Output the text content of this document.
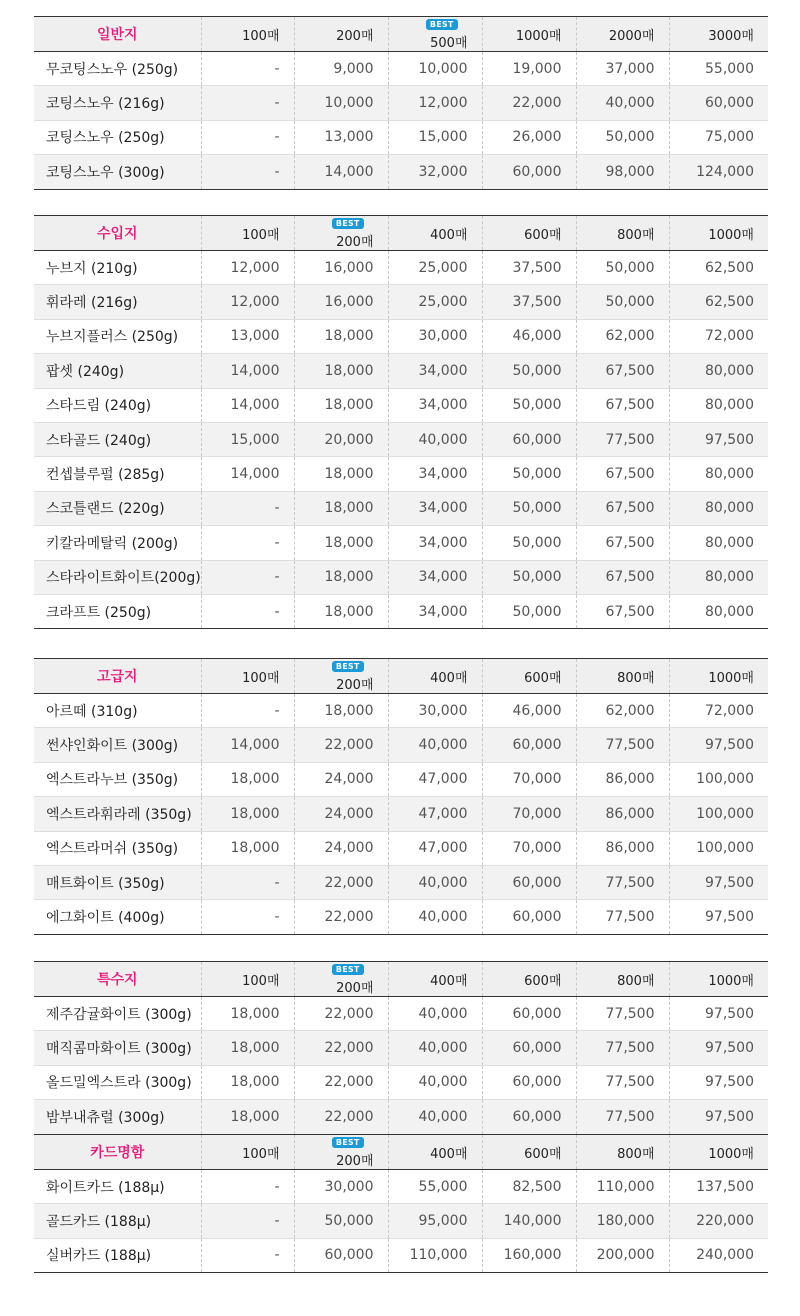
일반지	100매	200매	BEST500매	1000매	2000매	3000매
무코팅스노우 (250g)	-	9,000	10,000	19,000	37,000	55,000
코팅스노우 (216g)	-	10,000	12,000	22,000	40,000	60,000
코팅스노우 (250g)	-	13,000	15,000	26,000	50,000	75,000
코팅스노우 (300g)	-	14,000	32,000	60,000	98,000	124,000
수입지	100매	BEST200매	400매	600매	800매	1000매
누브지 (210g)	12,000	16,000	25,000	37,500	50,000	62,500
휘라레 (216g)	12,000	16,000	25,000	37,500	50,000	62,500
누브지플러스 (250g)	13,000	18,000	30,000	46,000	62,000	72,000
팝셋 (240g)	14,000	18,000	34,000	50,000	67,500	80,000
스타드림 (240g)	14,000	18,000	34,000	50,000	67,500	80,000
스타골드 (240g)	15,000	20,000	40,000	60,000	77,500	97,500
컨셉블루펄 (285g)	14,000	18,000	34,000	50,000	67,500	80,000
스코틀랜드 (220g)	-	18,000	34,000	50,000	67,500	80,000
키칼라메탈릭 (200g)	-	18,000	34,000	50,000	67,500	80,000
스타라이트화이트(200g)	-	18,000	34,000	50,000	67,500	80,000
크라프트 (250g)	-	18,000	34,000	50,000	67,500	80,000
고급지	100매	BEST200매	400매	600매	800매	1000매
아르떼 (310g)	-	18,000	30,000	46,000	62,000	72,000
썬샤인화이트 (300g)	14,000	22,000	40,000	60,000	77,500	97,500
엑스트라누브 (350g)	18,000	24,000	47,000	70,000	86,000	100,000
엑스트라휘라레 (350g)	18,000	24,000	47,000	70,000	86,000	100,000
엑스트라머쉬 (350g)	18,000	24,000	47,000	70,000	86,000	100,000
매트화이트 (350g)	-	22,000	40,000	60,000	77,500	97,500
에그화이트 (400g)	-	22,000	40,000	60,000	77,500	97,500
특수지	100매	BEST200매	400매	600매	800매	1000매
제주감귤화이트 (300g)	18,000	22,000	40,000	60,000	77,500	97,500
매직콤마화이트 (300g)	18,000	22,000	40,000	60,000	77,500	97,500
올드밀엑스트라 (300g)	18,000	22,000	40,000	60,000	77,500	97,500
밤부내츄럴 (300g)	18,000	22,000	40,000	60,000	77,500	97,500
카드명함	100매	BEST200매	400매	600매	800매	1000매
화이트카드 (188μ)	-	30,000	55,000	82,500	110,000	137,500
골드카드 (188μ)	-	50,000	95,000	140,000	180,000	220,000
실버카드 (188μ)	-	60,000	110,000	160,000	200,000	240,000
